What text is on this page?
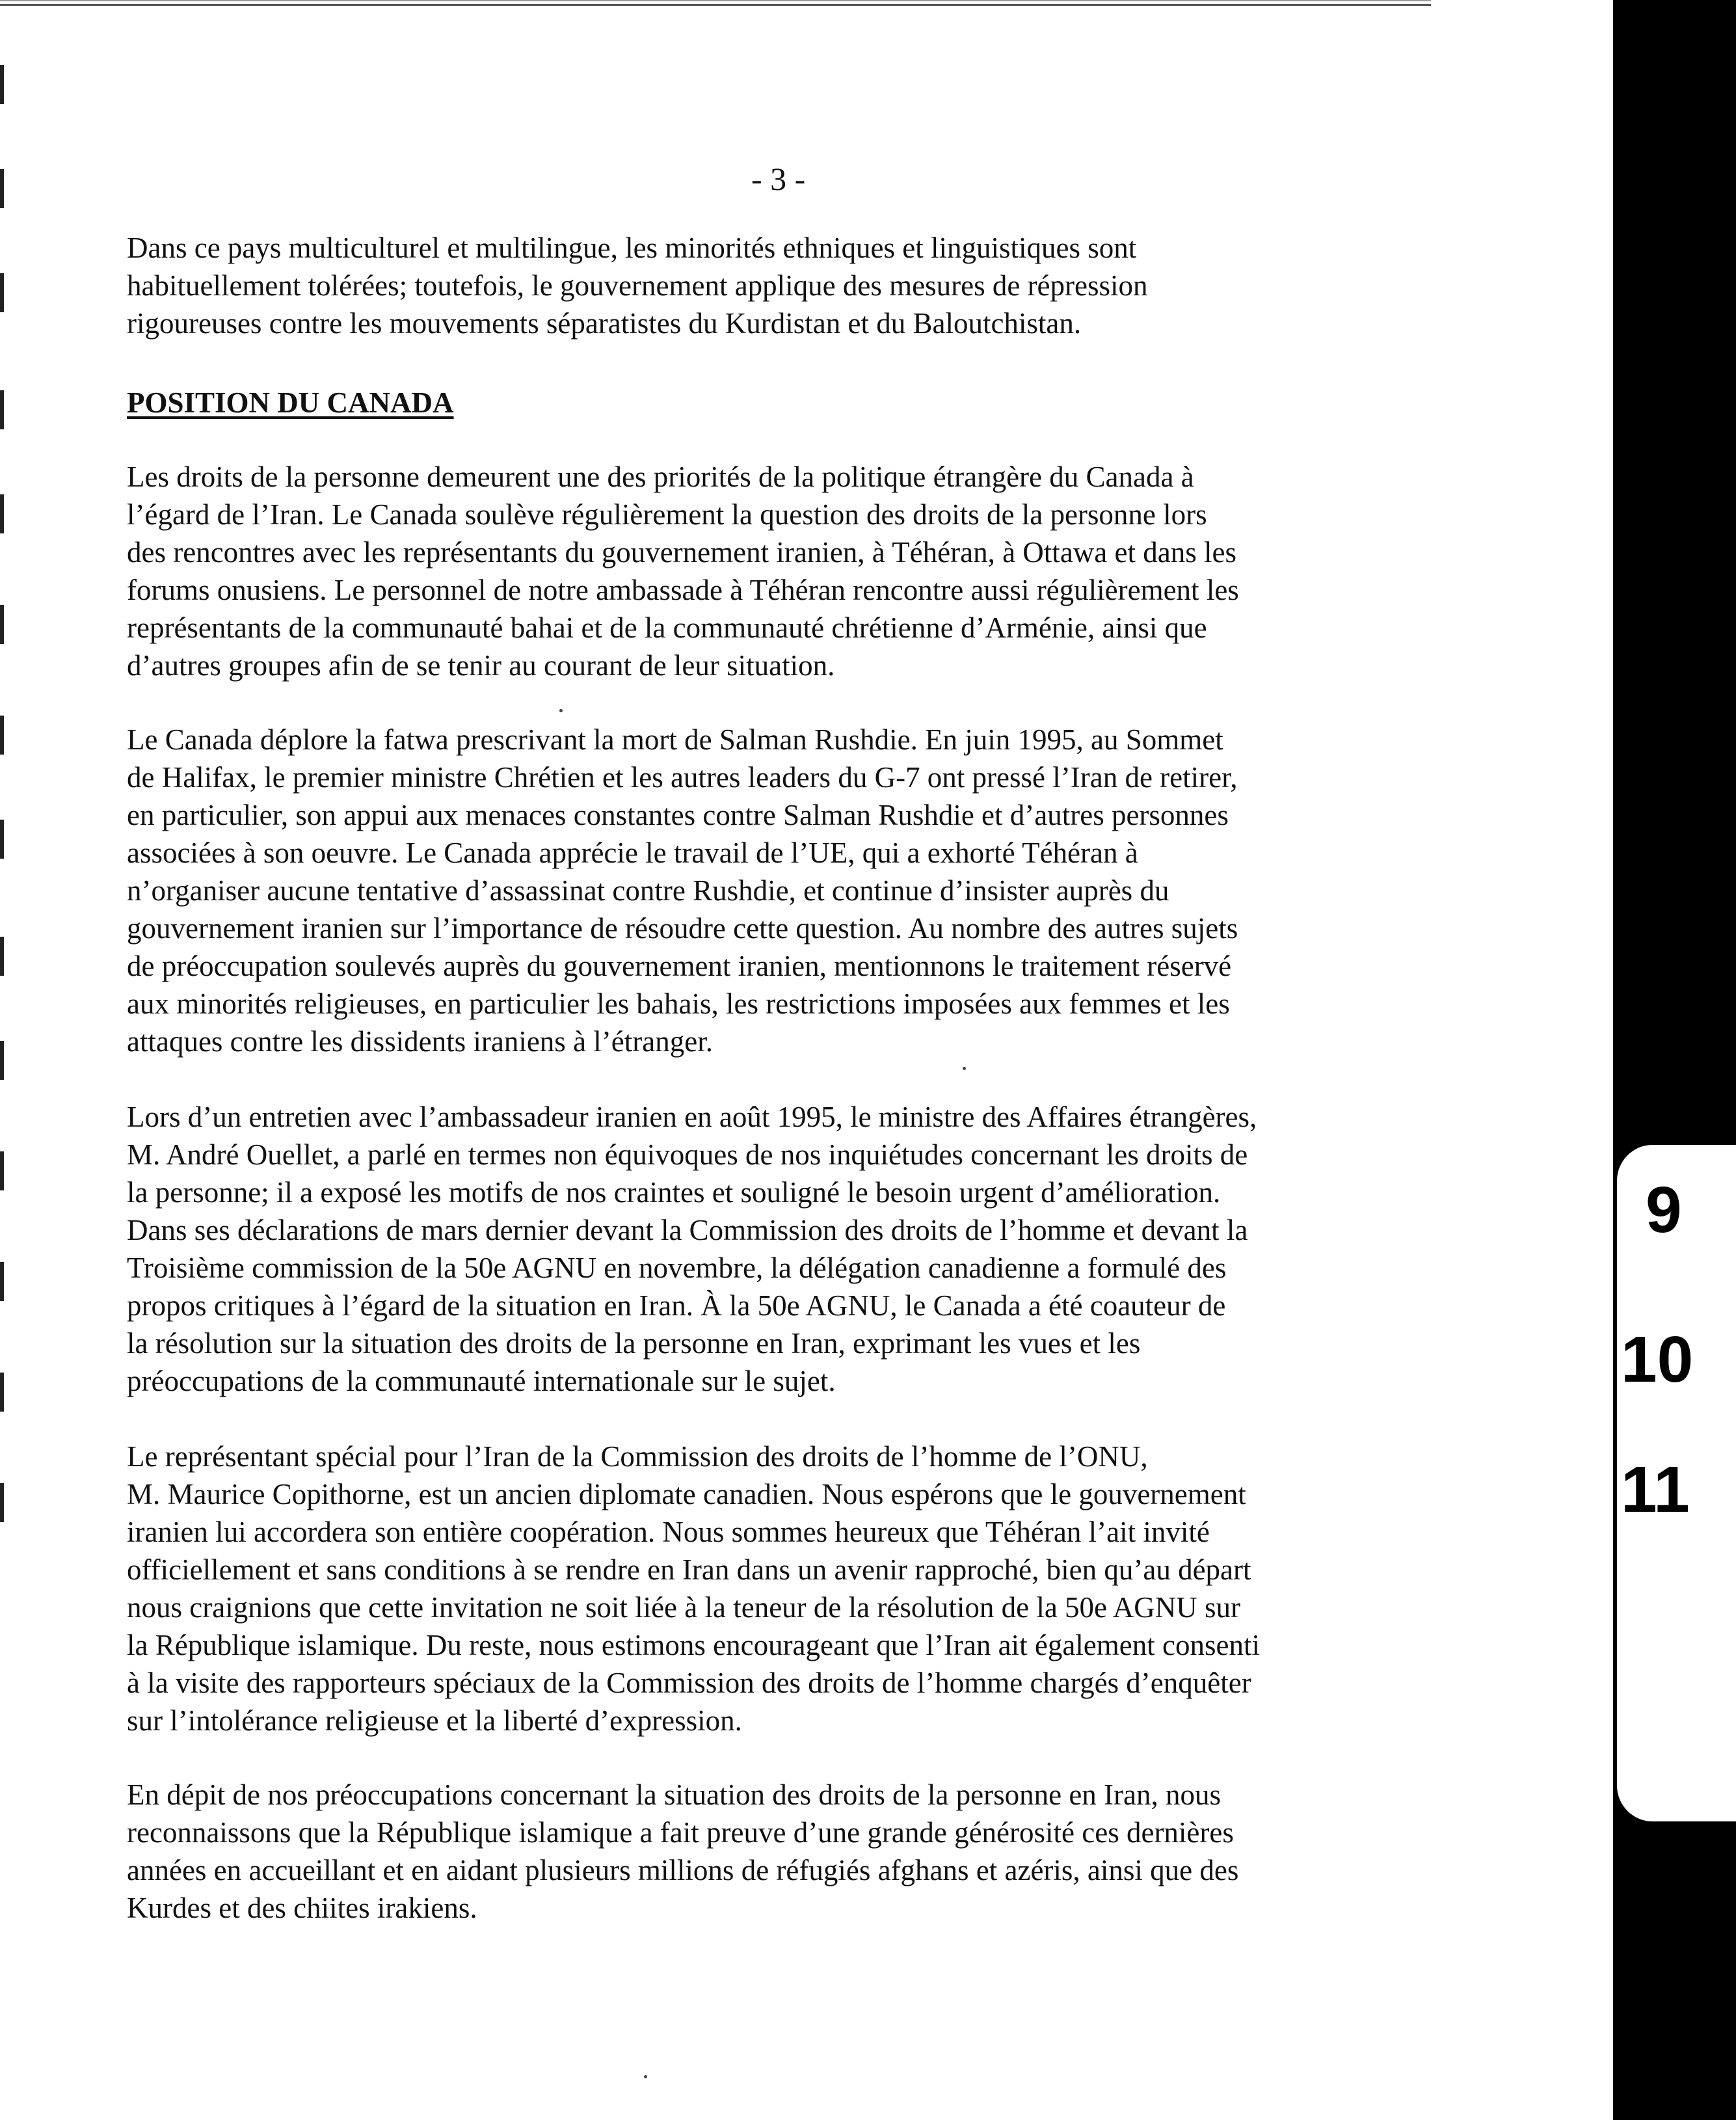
9
10
11
- 3 -
Dans ce pays multiculturel et multilingue, les minorités ethniques et linguistiques sont
habituellement tolérées; toutefois, le gouvernement applique des mesures de répression
rigoureuses contre les mouvements séparatistes du Kurdistan et du Baloutchistan.
POSITION DU CANADA
Les droits de la personne demeurent une des priorités de la politique étrangère du Canada à
l’égard de l’Iran. Le Canada soulève régulièrement la question des droits de la personne lors
des rencontres avec les représentants du gouvernement iranien, à Téhéran, à Ottawa et dans les
forums onusiens. Le personnel de notre ambassade à Téhéran rencontre aussi régulièrement les
représentants de la communauté bahai et de la communauté chrétienne d’Arménie, ainsi que
d’autres groupes afin de se tenir au courant de leur situation.
Le Canada déplore la fatwa prescrivant la mort de Salman Rushdie. En juin 1995, au Sommet
de Halifax, le premier ministre Chrétien et les autres leaders du G-7 ont pressé l’Iran de retirer,
en particulier, son appui aux menaces constantes contre Salman Rushdie et d’autres personnes
associées à son oeuvre. Le Canada apprécie le travail de l’UE, qui a exhorté Téhéran à
n’organiser aucune tentative d’assassinat contre Rushdie, et continue d’insister auprès du
gouvernement iranien sur l’importance de résoudre cette question. Au nombre des autres sujets
de préoccupation soulevés auprès du gouvernement iranien, mentionnons le traitement réservé
aux minorités religieuses, en particulier les bahais, les restrictions imposées aux femmes et les
attaques contre les dissidents iraniens à l’étranger.
Lors d’un entretien avec l’ambassadeur iranien en août 1995, le ministre des Affaires étrangères,
M. André Ouellet, a parlé en termes non équivoques de nos inquiétudes concernant les droits de
la personne; il a exposé les motifs de nos craintes et souligné le besoin urgent d’amélioration.
Dans ses déclarations de mars dernier devant la Commission des droits de l’homme et devant la
Troisième commission de la 50e AGNU en novembre, la délégation canadienne a formulé des
propos critiques à l’égard de la situation en Iran. À la 50e AGNU, le Canada a été coauteur de
la résolution sur la situation des droits de la personne en Iran, exprimant les vues et les
préoccupations de la communauté internationale sur le sujet.
Le représentant spécial pour l’Iran de la Commission des droits de l’homme de l’ONU,
M. Maurice Copithorne, est un ancien diplomate canadien. Nous espérons que le gouvernement
iranien lui accordera son entière coopération. Nous sommes heureux que Téhéran l’ait invité
officiellement et sans conditions à se rendre en Iran dans un avenir rapproché, bien qu’au départ
nous craignions que cette invitation ne soit liée à la teneur de la résolution de la 50e AGNU sur
la République islamique. Du reste, nous estimons encourageant que l’Iran ait également consenti
à la visite des rapporteurs spéciaux de la Commission des droits de l’homme chargés d’enquêter
sur l’intolérance religieuse et la liberté d’expression.
En dépit de nos préoccupations concernant la situation des droits de la personne en Iran, nous
reconnaissons que la République islamique a fait preuve d’une grande générosité ces dernières
années en accueillant et en aidant plusieurs millions de réfugiés afghans et azéris, ainsi que des
Kurdes et des chiites irakiens.
